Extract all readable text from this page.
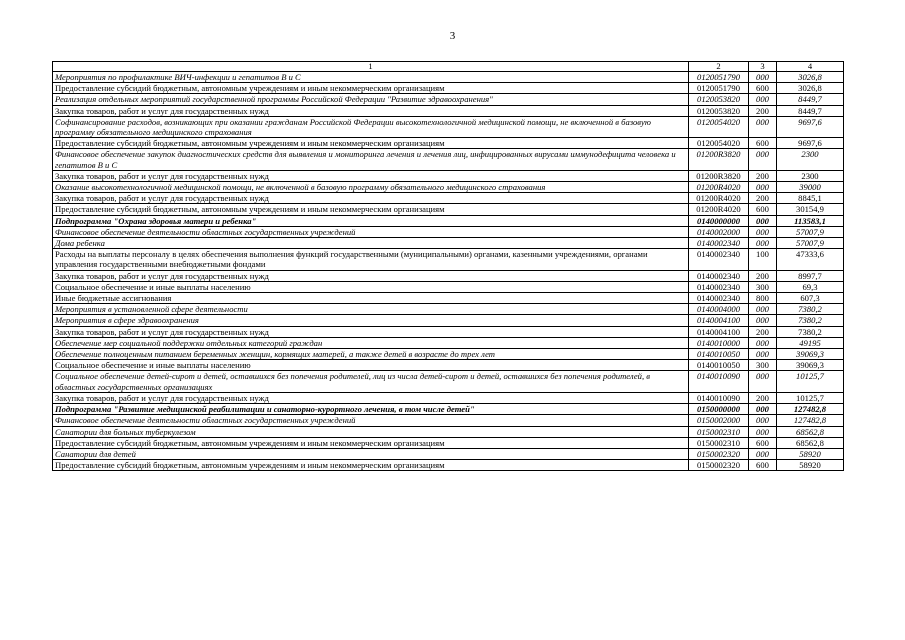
3
1	2	3	4
Мероприятия по профилактике ВИЧ-инфекции и гепатитов В и С	0120051790	000	3026,8
Предоставление субсидий бюджетным, автономным учреждениям и иным некоммерческим организациям	0120051790	600	3026,8
Реализация отдельных мероприятий государственной программы Российской Федерации "Развитие здравоохранения"	0120053820	000	8449,7
Закупка товаров, работ и услуг для государственных нужд	0120053820	200	8449,7
Софинансирование расходов, возникающих при оказании гражданам Российской Федерации высокотехнологичной медицинской помощи, не включенной в базовую программу обязательного медицинского страхования	0120054020	000	9697,6
Предоставление субсидий бюджетным, автономным учреждениям и иным некоммерческим организациям	0120054020	600	9697,6
Финансовое обеспечение закупок диагностических средств для выявления и мониторинга лечения и лечения лиц, инфицированных вирусами иммунодефицита человека и гепатитов В и С	01200R3820	000	2300
Закупка товаров, работ и услуг для государственных нужд	01200R3820	200	2300
Оказание высокотехнологичной медицинской помощи, не включенной в базовую программу обязательного медицинского страхования	01200R4020	000	39000
Закупка товаров, работ и услуг для государственных нужд	01200R4020	200	8845,1
Предоставление субсидий бюджетным, автономным учреждениям и иным некоммерческим организациям	01200R4020	600	30154,9
Подпрограмма "Охрана здоровья матери и ребенка"	0140000000	000	113583,1
Финансовое обеспечение деятельности областных государственных учреждений	0140002000	000	57007,9
Дома ребенка	0140002340	000	57007,9
Расходы на выплаты персоналу в целях обеспечения выполнения функций государственными (муниципальными) органами, казенными учреждениями, органами управления государственными внебюджетными фондами	0140002340	100	47333,6
Закупка товаров, работ и услуг для государственных нужд	0140002340	200	8997,7
Социальное обеспечение и иные выплаты населению	0140002340	300	69,3
Иные бюджетные ассигнования	0140002340	800	607,3
Мероприятия в установленной сфере деятельности	0140004000	000	7380,2
Мероприятия в сфере здравоохранения	0140004100	000	7380,2
Закупка товаров, работ и услуг для государственных нужд	0140004100	200	7380,2
Обеспечение мер социальной поддержки отдельных категорий граждан	0140010000	000	49195
Обеспечение полноценным питанием беременных женщин, кормящих матерей, а также детей в возрасте до трех лет	0140010050	000	39069,3
Социальное обеспечение и иные выплаты населению	0140010050	300	39069,3
Социальное обеспечение детей-сирот и детей, оставшихся без попечения родителей, лиц из числа детей-сирот и детей, оставшихся без попечения родителей, в областных государственных организациях	0140010090	000	10125,7
Закупка товаров, работ и услуг для государственных нужд	0140010090	200	10125,7
Подпрограмма "Развитие медицинской реабилитации и санаторно-курортного лечения, в том числе детей"	0150000000	000	127482,8
Финансовое обеспечение деятельности областных государственных учреждений	0150002000	000	127482,8
Санатории для больных туберкулезом	0150002310	000	68562,8
Предоставление субсидий бюджетным, автономным учреждениям и иным некоммерческим организациям	0150002310	600	68562,8
Санатории для детей	0150002320	000	58920
Предоставление субсидий бюджетным, автономным учреждениям и иным некоммерческим организациям	0150002320	600	58920
